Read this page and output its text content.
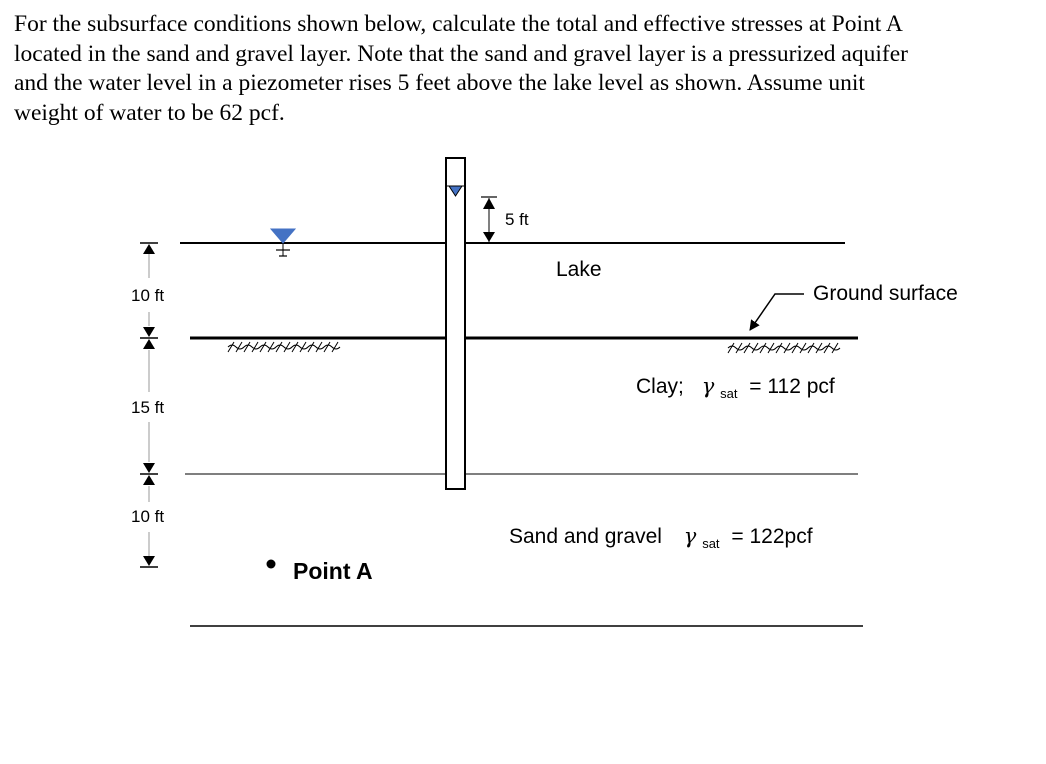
For the subsurface conditions shown below, calculate the total and effective stresses at Point A
located in the sand and gravel layer. Note that the sand and gravel layer is a pressurized aquifer
and the water level in a piezometer rises 5 feet above the lake level as shown. Assume unit
weight of water to be 62 pcf.
5 ft
Lake
Ground surface
10 ft
15 ft
10 ft
Clay; γ $_{sat}$ = 112 pcf
Sand and gravel γ $_{sat}$ = 122pcf
Point A
